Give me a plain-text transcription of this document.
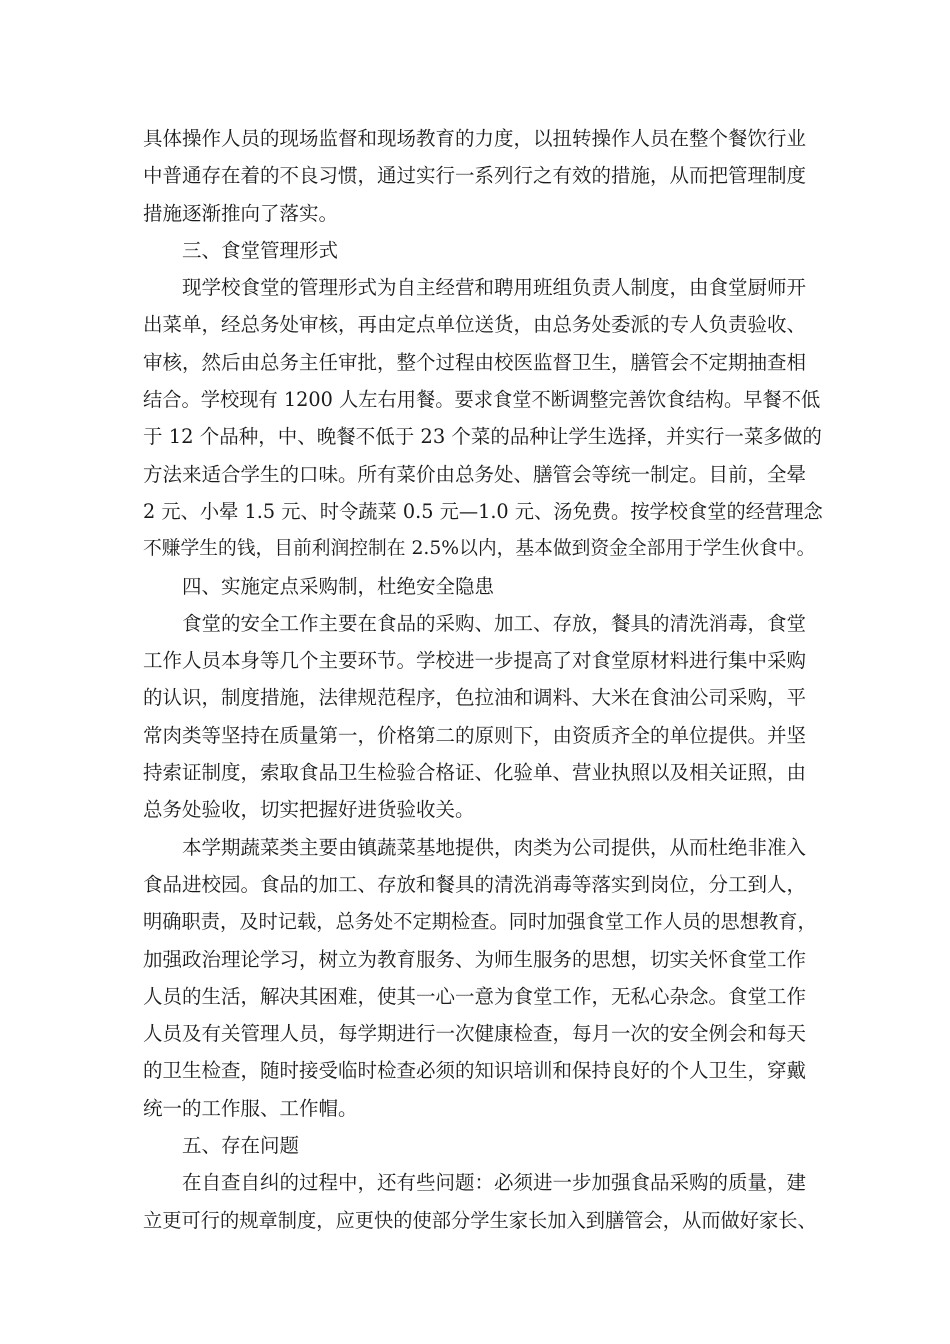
具体操作人员的现场监督和现场教育的力度，以扭转操作人员在整个餐饮行业
中普通存在着的不良习惯，通过实行一系列行之有效的措施，从而把管理制度
措施逐渐推向了落实。
三、食堂管理形式
现学校食堂的管理形式为自主经营和聘用班组负责人制度，由食堂厨师开
出菜单，经总务处审核，再由定点单位送货，由总务处委派的专人负责验收、
审核，然后由总务主任审批，整个过程由校医监督卫生，膳管会不定期抽查相
结合。学校现有 1200 人左右用餐。要求食堂不断调整完善饮食结构。早餐不低
于 12 个品种，中、晚餐不低于 23 个菜的品种让学生选择，并实行一菜多做的
方法来适合学生的口味。所有菜价由总务处、膳管会等统一制定。目前，全晕
2 元、小晕 1.5 元、时令蔬菜 0.5 元—1.0 元、汤免费。按学校食堂的经营理念
不赚学生的钱，目前利润控制在 2.5%以内，基本做到资金全部用于学生伙食中。
四、实施定点采购制，杜绝安全隐患
食堂的安全工作主要在食品的采购、加工、存放，餐具的清洗消毒，食堂
工作人员本身等几个主要环节。学校进一步提高了对食堂原材料进行集中采购
的认识，制度措施，法律规范程序，色拉油和调料、大米在食油公司采购，平
常肉类等坚持在质量第一，价格第二的原则下，由资质齐全的单位提供。并坚
持索证制度，索取食品卫生检验合格证、化验单、营业执照以及相关证照，由
总务处验收，切实把握好进货验收关。
本学期蔬菜类主要由镇蔬菜基地提供，肉类为公司提供，从而杜绝非准入
食品进校园。食品的加工、存放和餐具的清洗消毒等落实到岗位，分工到人，
明确职责，及时记载，总务处不定期检查。同时加强食堂工作人员的思想教育，
加强政治理论学习，树立为教育服务、为师生服务的思想，切实关怀食堂工作
人员的生活，解决其困难，使其一心一意为食堂工作，无私心杂念。食堂工作
人员及有关管理人员，每学期进行一次健康检查，每月一次的安全例会和每天
的卫生检查，随时接受临时检查必须的知识培训和保持良好的个人卫生，穿戴
统一的工作服、工作帽。
五、存在问题
在自查自纠的过程中，还有些问题：必须进一步加强食品采购的质量，建
立更可行的规章制度，应更快的使部分学生家长加入到膳管会，从而做好家长、
